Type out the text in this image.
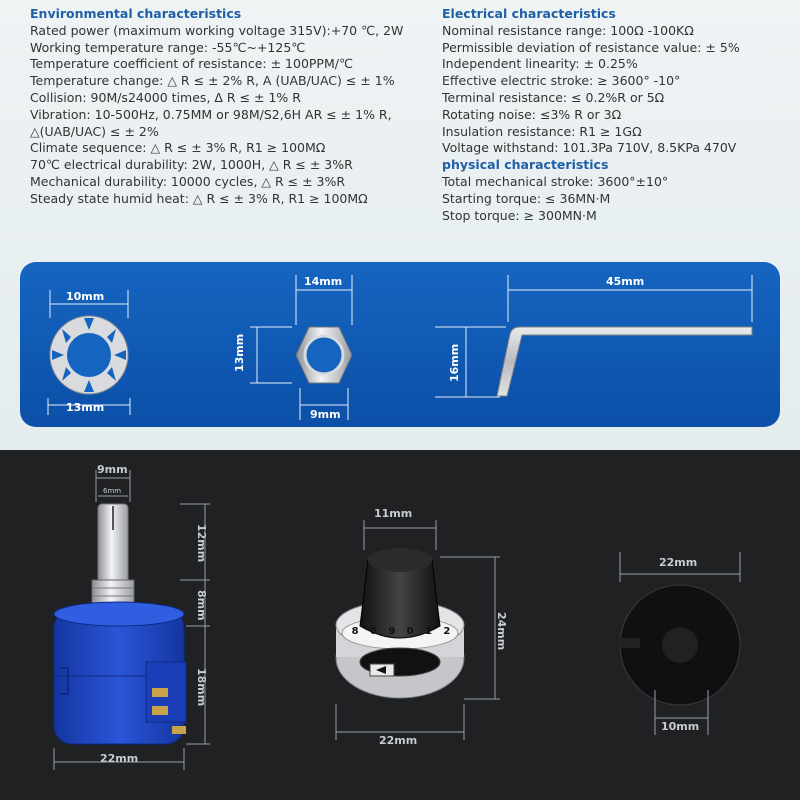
Environmental characteristics
Rated power (maximum working voltage 315V):+70 ℃, 2W
Working temperature range: -55℃~+125℃
Temperature coefficient of resistance: ± 100PPM/℃
Temperature change: △ R ≤ ± 2% R, A (UAB/UAC) ≤ ± 1%
Collision: 90M/s24000 times, Δ R ≤ ± 1% R
Vibration: 10-500Hz, 0.75MM or 98M/S2,6H AR ≤ ± 1% R, △(UAB/UAC) ≤ ± 2%
Climate sequence: △ R ≤ ± 3% R, R1 ≥ 100MΩ
70℃ electrical durability: 2W, 1000H, △ R ≤ ± 3%R
Mechanical durability: 10000 cycles, △ R ≤ ± 3%R
Steady state humid heat: △ R ≤ ± 3% R, R1 ≥ 100MΩ
Electrical characteristics
Nominal resistance range: 100Ω -100KΩ
Permissible deviation of resistance value: ± 5%
Independent linearity: ± 0.25%
Effective electric stroke: ≥ 3600° -10°
Terminal resistance: ≤ 0.2%R or 5Ω
Rotating noise: ≤3% R or 3Ω
Insulation resistance: R1 ≥ 1GΩ
Voltage withstand: 101.3Pa 710V, 8.5KPa 470V
physical characteristics
Total mechanical stroke: 3600°±10°
Starting torque: ≤ 36MN·M
Stop torque: ≥ 300MN·M
10mm
13mm
14mm
13mm
9mm
45mm
16mm
9mm
6mm
12mm
8mm
18mm
22mm
11mm
24mm
22mm
8 0 9 0 1 2
22mm
10mm
